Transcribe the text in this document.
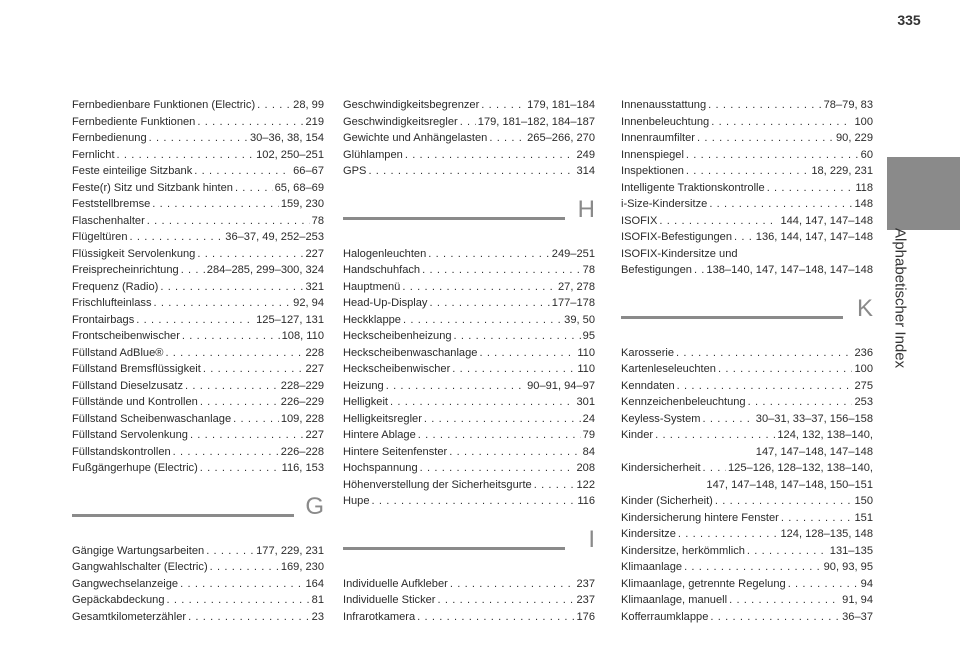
335
Alphabetischer Index
Fernbedienbare Funktionen (Electric) . . .	28, 99
Fernbediente Funktionen . . .	219
Fernbedienung . . .	30–36, 38, 154
Fernlicht . . .	102, 250–251
Feste einteilige Sitzbank . . .	66–67
Feste(r) Sitz und Sitzbank hinten . . .	65, 68–69
Feststellbremse . . .	159, 230
Flaschenhalter . . .	78
Flügeltüren . . .	36–37, 49, 252–253
Flüssigkeit Servolenkung . . .	227
Freisprecheinrichtung . . .	284–285, 299–300, 324
Frequenz (Radio) . . .	321
Frischlufteinlass . . .	92, 94
Frontairbags . . .	125–127, 131
Frontscheibenwischer . . .	108, 110
Füllstand AdBlue® . . .	228
Füllstand Bremsflüssigkeit . . .	227
Füllstand Dieselzusatz . . .	228–229
Füllstände und Kontrollen . . .	226–229
Füllstand Scheibenwaschanlage . . .	109, 228
Füllstand Servolenkung . . .	227
Füllstandskontrollen . . .	226–228
Fußgängerhupe (Electric) . . .	116, 153
G
Gängige Wartungsarbeiten . . .	177, 229, 231
Gangwahlschalter (Electric) . . .	169, 230
Gangwechselanzeige . . .	164
Gepäckabdeckung . . .	81
Gesamtkilometerzähler . . .	23
Geschwindigkeitsbegrenzer . . .	179, 181–184
Geschwindigkeitsregler . . . 179, 181–182, 184–187
Gewichte und Anhängelasten . . .	265–266, 270
Glühlampen . . .	249
GPS . . .	314
H
Halogenleuchten . . .	249–251
Handschuhfach . . .	78
Hauptmenü . . .	27, 278
Head-Up-Display . . .	177–178
Heckklappe . . .	39, 50
Heckscheibenheizung . . .	95
Heckscheibenwaschanlage . . .	110
Heckscheibenwischer . . .	110
Heizung . . .	90–91, 94–97
Helligkeit . . .	301
Helligkeitsregler . . .	24
Hintere Ablage . . .	79
Hintere Seitenfenster . . .	84
Hochspannung . . .	208
Höhenverstellung der Sicherheitsgurte . . .	122
Hupe . . .	116
I
Individuelle Aufkleber . . .	237
Individuelle Sticker . . .	237
Infrarotkamera . . .	176
Innenausstattung . . .	78–79, 83
Innenbeleuchtung . . .	100
Innenraumfilter . . .	90, 229
Innenspiegel . . .	60
Inspektionen . . .	18, 229, 231
Intelligente Traktionskontrolle . . .	118
i-Size-Kindersitze . . .	148
ISOFIX . . .	144, 147, 147–148
ISOFIX-Befestigungen . . . 136, 144, 147, 147–148
ISOFIX-Kindersitze und
Befestigungen . . . 138–140, 147, 147–148, 147–148
K
Karosserie . . .	236
Kartenleseleuchten . . .	100
Kenndaten . . .	275
Kennzeichenbeleuchtung . . .	253
Keyless-System . . .	30–31, 33–37, 156–158
Kinder . . .	124, 132, 138–140,
147, 147–148, 147–148
Kindersicherheit . . . 125–126, 128–132, 138–140,
147, 147–148, 147–148, 150–151
Kinder (Sicherheit) . . .	150
Kindersicherung hintere Fenster . . .	151
Kindersitze . . .	124, 128–135, 148
Kindersitze, herkömmlich . . .	131–135
Klimaanlage . . .	90, 93, 95
Klimaanlage, getrennte Regelung . . .	94
Klimaanlage, manuell . . .	91, 94
Kofferraumklappe . . .	36–37
